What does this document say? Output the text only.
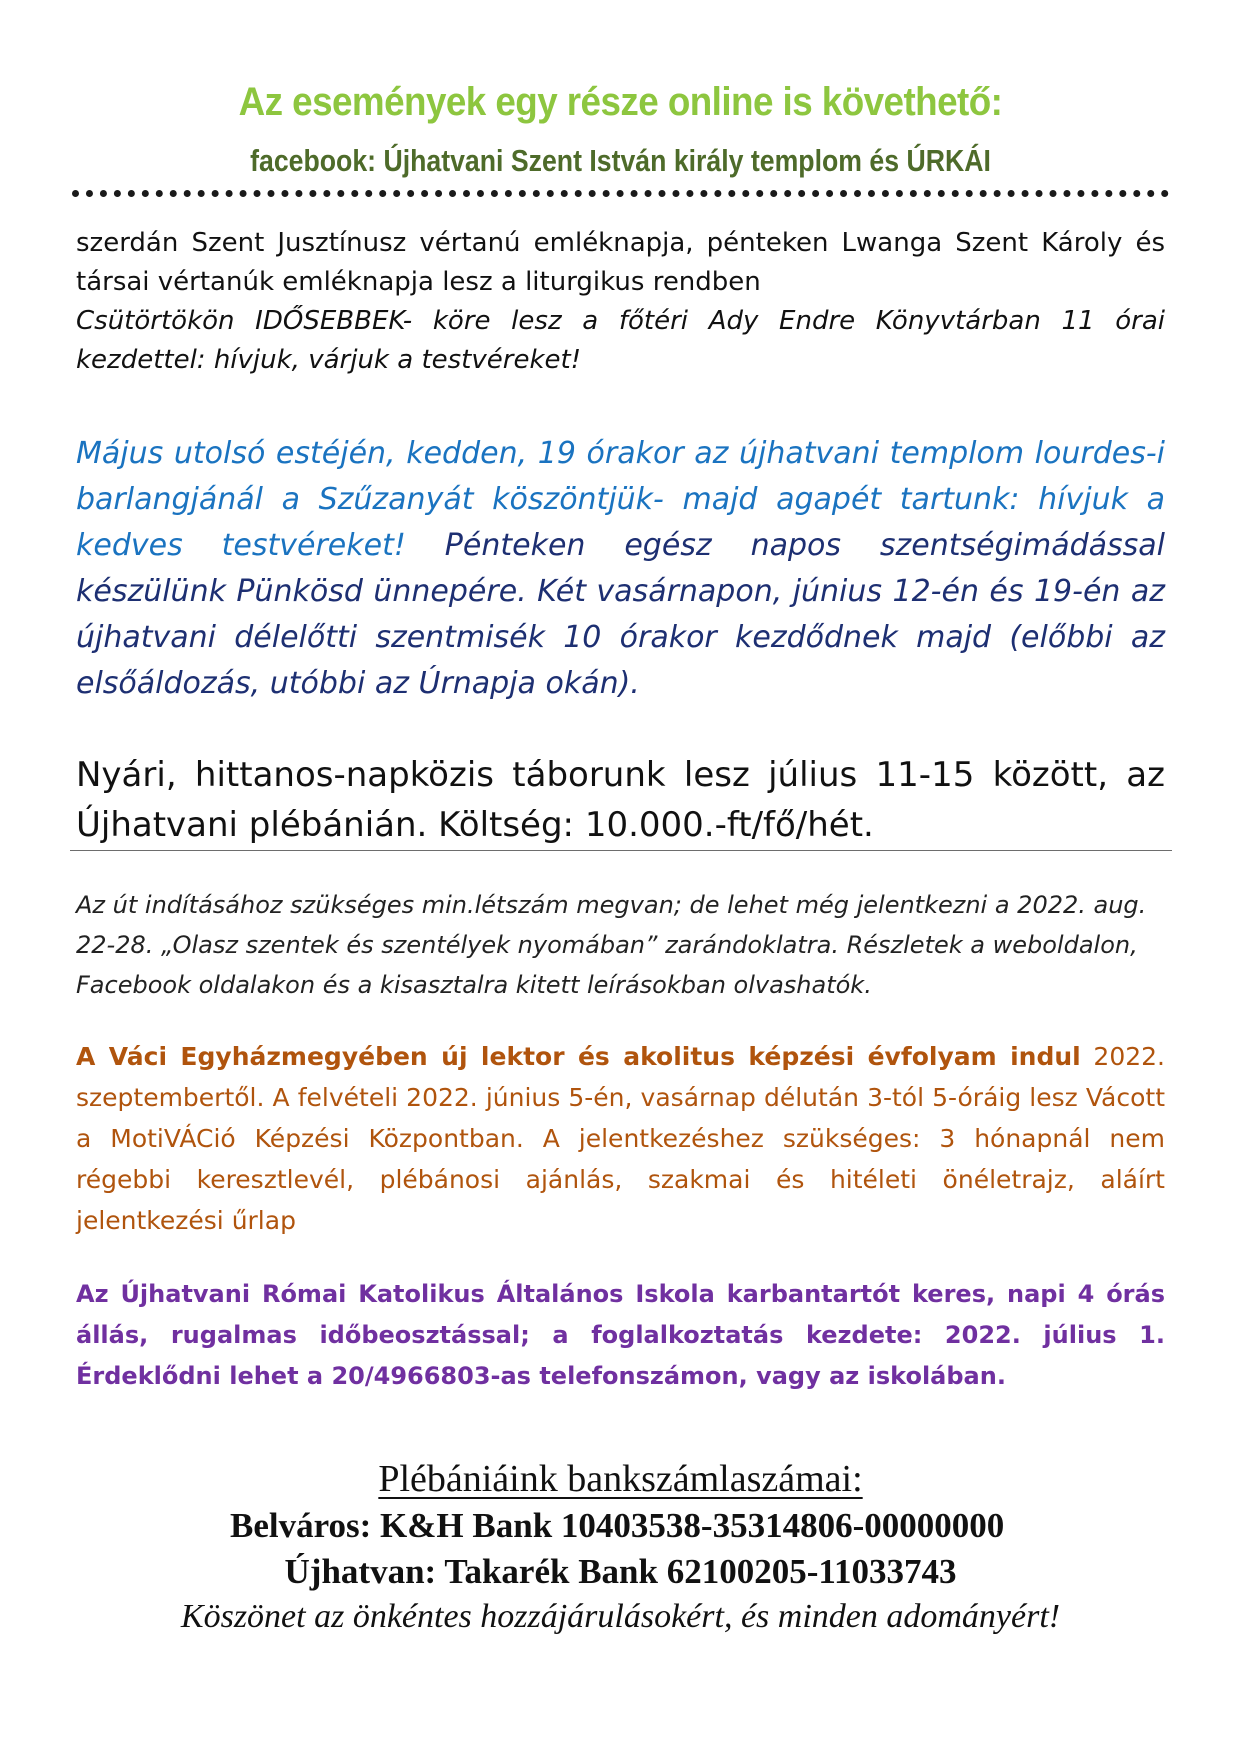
Az események egy része online is követhető:
facebook: Újhatvani Szent István király templom és ÚRKÁI
szerdán Szent Jusztínusz vértanú emléknapja, pénteken Lwanga Szent Károly és társai vértanúk emléknapja lesz a liturgikus rendben
Csütörtökön IDŐSEBBEK- köre lesz a főtéri Ady Endre Könyvtárban 11 órai kezdettel: hívjuk, várjuk a testvéreket!
Május utolsó estéjén, kedden, 19 órakor az újhatvani templom lourdes-i barlangjánál a Szűzanyát köszöntjük- majd agapét tartunk: hívjuk a kedves testvéreket! Pénteken egész napos szentségimádással készülünk Pünkösd ünnepére. Két vasárnapon, június 12-én és 19-én az újhatvani délelőtti szentmisék 10 órakor kezdődnek majd (előbbi az elsőáldozás, utóbbi az Úrnapja okán).
Nyári, hittanos-napközis táborunk lesz július 11-15 között, az Újhatvani plébánián. Költség: 10.000.-ft/fő/hét.
Az út indításához szükséges min.létszám megvan; de lehet még jelentkezni a 2022. aug. 22-28. „Olasz szentek és szentélyek nyomában” zarándoklatra. Részletek a weboldalon, Facebook oldalakon és a kisasztalra kitett leírásokban olvashatók.
A Váci Egyházmegyében új lektor és akolitus képzési évfolyam indul 2022. szeptembertől. A felvételi 2022. június 5-én, vasárnap délután 3-tól 5-óráig lesz Vácott a MotiVÁCió Képzési Központban. A jelentkezéshez szükséges: 3 hónapnál nem régebbi keresztlevél, plébánosi ajánlás, szakmai és hitéleti önéletrajz, aláírt jelentkezési űrlap
Az Újhatvani Római Katolikus Általános Iskola karbantartót keres, napi 4 órás állás, rugalmas időbeosztással; a foglalkoztatás kezdete: 2022. július 1. Érdeklődni lehet a 20/4966803-as telefonszámon, vagy az iskolában.
Plébániáink bankszámlaszámai:
Belváros: K&H Bank 10403538-35314806-00000000
Újhatvan: Takarék Bank 62100205-11033743
Köszönet az önkéntes hozzájárulásokért, és minden adományért!
